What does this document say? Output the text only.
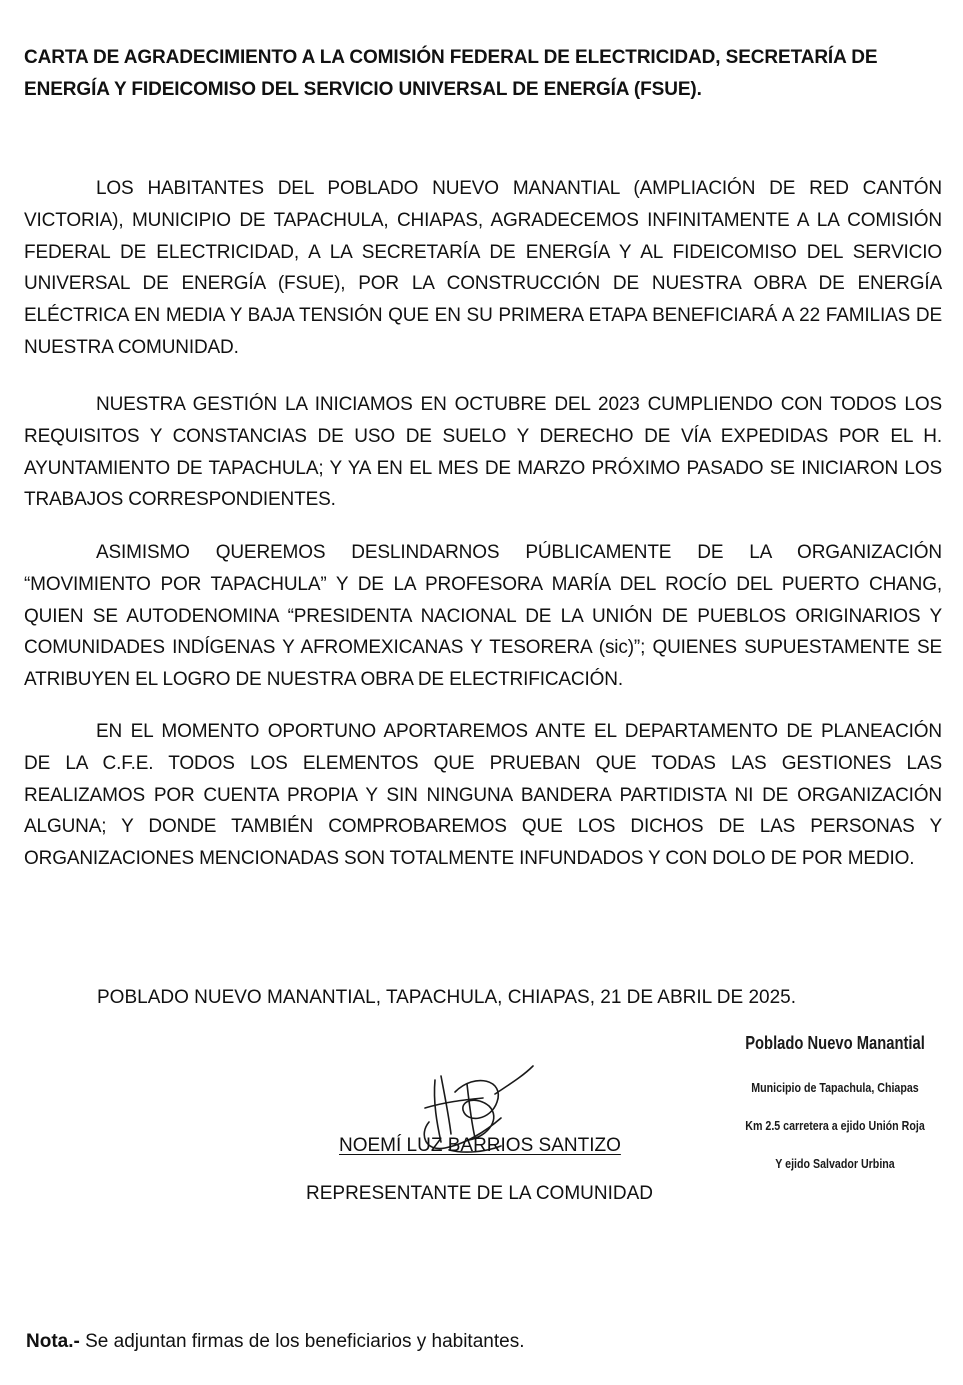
CARTA DE AGRADECIMIENTO A LA COMISIÓN FEDERAL DE ELECTRICIDAD, SECRETARÍA DE ENERGÍA Y FIDEICOMISO DEL SERVICIO UNIVERSAL DE ENERGÍA (FSUE).

LOS HABITANTES DEL POBLADO NUEVO MANANTIAL (AMPLIACIÓN DE RED CANTÓN VICTORIA), MUNICIPIO DE TAPACHULA, CHIAPAS, AGRADECEMOS INFINITAMENTE A LA COMISIÓN FEDERAL DE ELECTRICIDAD, A LA SECRETARÍA DE ENERGÍA Y AL FIDEICOMISO DEL SERVICIO UNIVERSAL DE ENERGÍA (FSUE), POR LA CONSTRUCCIÓN DE NUESTRA OBRA DE ENERGÍA ELÉCTRICA EN MEDIA Y BAJA TENSIÓN QUE EN SU PRIMERA ETAPA BENEFICIARÁ A 22 FAMILIAS DE NUESTRA COMUNIDAD.

NUESTRA GESTIÓN LA INICIAMOS EN OCTUBRE DEL 2023 CUMPLIENDO CON TODOS LOS REQUISITOS Y CONSTANCIAS DE USO DE SUELO Y DERECHO DE VÍA EXPEDIDAS POR EL H. AYUNTAMIENTO DE TAPACHULA; Y YA EN EL MES DE MARZO PRÓXIMO PASADO SE INICIARON LOS TRABAJOS CORRESPONDIENTES.

ASIMISMO QUEREMOS DESLINDARNOS PÚBLICAMENTE DE LA ORGANIZACIÓN “MOVIMIENTO POR TAPACHULA” Y DE LA PROFESORA MARÍA DEL ROCÍO DEL PUERTO CHANG, QUIEN SE AUTODENOMINA “PRESIDENTA NACIONAL DE LA UNIÓN DE PUEBLOS ORIGINARIOS Y COMUNIDADES INDÍGENAS Y AFROMEXICANAS Y TESORERA (sic)”; QUIENES SUPUESTAMENTE SE ATRIBUYEN EL LOGRO DE NUESTRA OBRA DE ELECTRIFICACIÓN.

EN EL MOMENTO OPORTUNO APORTAREMOS ANTE EL DEPARTAMENTO DE PLANEACIÓN DE LA C.F.E. TODOS LOS ELEMENTOS QUE PRUEBAN QUE TODAS LAS GESTIONES LAS REALIZAMOS POR CUENTA PROPIA Y SIN NINGUNA BANDERA PARTIDISTA NI DE ORGANIZACIÓN ALGUNA; Y DONDE TAMBIÉN COMPROBAREMOS QUE LOS DICHOS DE LAS PERSONAS Y ORGANIZACIONES MENCIONADAS SON TOTALMENTE INFUNDADOS Y CON DOLO DE POR MEDIO.

POBLADO NUEVO MANANTIAL, TAPACHULA, CHIAPAS, 21 DE ABRIL DE 2025.

NOEMÍ LUZ BARRIOS SANTIZO
REPRESENTANTE DE LA COMUNIDAD
Poblado Nuevo Manantial
Municipio de Tapachula, Chiapas
Km 2.5 carretera a ejido Unión Roja
Y ejido Salvador Urbina
Nota.- Se adjuntan firmas de los beneficiarios y habitantes.
